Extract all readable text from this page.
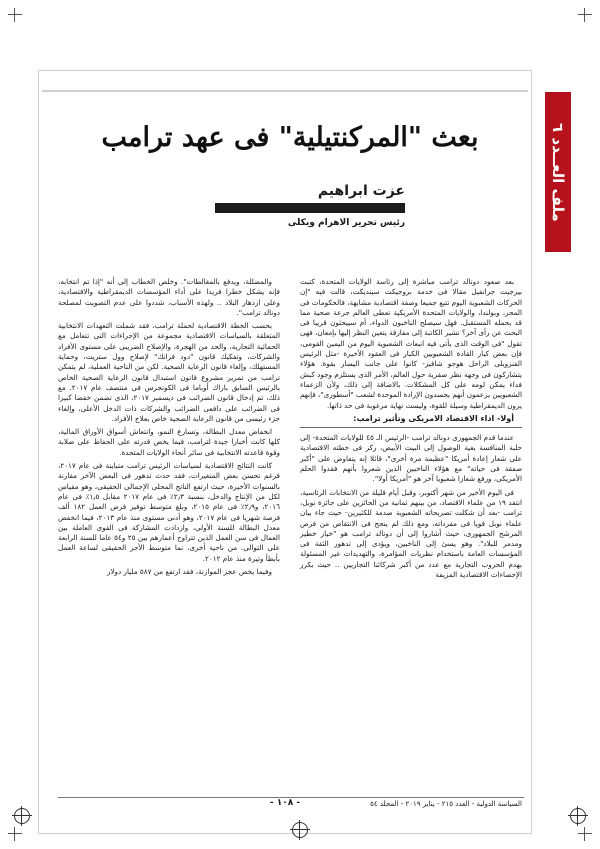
ملف العــدد ٦
بعث "المركنتيلية" فى عهد ترامب
عزت ابراهيم
رئيس تحرير الاهرام ويكلى

بعد صعود دونالد ترامب مباشرة إلى رئاسة الولايات المتحدة، كتبت بيرجيت جرانفيل مقالا فى خدمة بروجيكت سينديكت، قالت فيه "إن الحركات الشعبوية اليوم تتبع جميعا وصفة اقتصادية مشابهة، فالحكومات فى المجر، وبولندا، والولايات المتحدة الأمريكية تعطى العالم جرعة صحية مما قد يحمله المستقبل. فهل سيصلح الناخبون الدواء، أم سيبحثون قريبا فى البحث عن رأى آخر؟ تشير الكاتبة إلى مفارقة يتعين النظر إليها بإمعان، فهى تقول "فى الوقت الذى يأتى فيه انبعاث الشعبوية اليوم من اليمين القومى، فإن بعض كبار القادة الشعبويين الكبار فى العقود الأخيرة -مثل الرئيس الفنزويلى الراحل هوجو شافيز- كانوا على جانب اليسار بقوة. هؤلاء يتشاركون فى وجهة نظر صفرية حول العالم، الأمر الذى يستلزم وجود كبش فداء يمكن لومه على كل المشكلات. بالاضافة إلى ذلك، ولأن الزعماء الشعبويين يزعمون أنهم يجسدون الإرادة الموحدة لشعب "أسطورى"، فإنهم يرون الديمقراطية وسيلة للقوة، وليست نهاية مرغوبة فى حد ذاتها.

أولا- اداء الاقتصاد الامريكى وتأثير ترامب:

عندما قدم الجمهورى دونالد ترامب -الرئيس الـ ٤٥ للولايات المتحدة- إلى حلبة المنافسة بغية الوصول إلى البيت الأبيض، ركز فى خطته الاقتصادية على شعار إعادة أمريكا "عظيمة مرة أخرى"، قائلا إنه يتفاوض على "أكبر صفقة فى حياته" مع هؤلاء الناخبين الذين شعروا بأنهم فقدوا الحلم الأمريكى، ورفع شعارا شعبويا آخر هو "أمريكا أولا".

فى اليوم الأخير من شهر أكتوبر، وقبل أيام قليلة من الانتخابات الرئاسية، انتقد ١٩ من علماء الاقتصاد، من بينهم ثمانية من الحائزين على جائزة نوبل، ترامب -بعد أن شكلت تصريحاته الشعبوية صدمة للكثيرين- حيث جاء بيان علماء نوبل قويا فى مفرداته، ومع ذلك لم ينجح فى الانتقاص من فرص المرشح الجمهورى، حيث أشاروا إلى أن دونالد ترامب هو "خيار خطير ومدمر للبلاد". وهو يسئ إلى الناخبين، ويؤدى إلى تدهور الثقة فى المؤسسات العامة باستخدام نظريات المؤامرة، والتهديدات غير المسئولة بهدم الحروب التجارية مع عدد من أكبر شركائنا التجاريين .. حيث يكرر الإحصاءات الاقتصادية المزيفة

والمضللة، ويدفع بالمغالطات". وخلص الخطاب إلى أنه "إذا تم انتخابه، فإنه يشكل خطرا فريدا على أداء المؤسسات الديمقراطية والاقتصادية، وعلى ازدهار البلاد .. ولهذه الأسباب، شددوا على عدم التصويت لمصلحة دونالد ترامب".

بحسب الخطة الاقتصادية لحملة ترامب، فقد شملت التعهدات الانتخابية المتعلقة بالسياسات الاقتصادية مجموعة من الإجراءات التى تتعامل مع الحمائية التجارية، والحد من الهجرة، والإصلاح الضريبى على مستوى الأفراد والشركات، وتفكيك قانون "دود فرانك" لإصلاح وول ستريت، وحماية المستهلك، وإلغاء قانون الرعاية الصحية. لكن من الناحية العملية، لم يتمكن ترامب من تمرير مشروع قانون استبدال قانون الرعاية الصحية الخاص بالرئيس السابق باراك أوباما فى الكونجرس فى منتصف عام ٢٠١٧. مع ذلك، تم إدخال قانون الضرائب فى ديسمبر ٢٠١٧، الذى تضمن خفضا كبيرا فى الضرائب على دافعى الضرائب والشركات ذات الدخل الأعلى، وإلغاء جزء رئيسى من قانون الرعاية الصحية خاص بعلاج الأفراد.

انخفاض معدل البطالة، وتسارع النمو، وانتعاش أسواق الأوراق المالية، كلها كانت أخبارا جيدة لترامب، فيما يخص قدرته على الحفاظ على صلابة وقوة قاعدته الانتخابية فى سائر أنحاء الولايات المتحدة.

كانت النتائج الاقتصادية لسياسات الرئيس ترامب متباينة فى عام ٢٠١٧، فرغم تحسن بعض المتغيرات، فقد حدث تدهور فى البعض الآخر مقارنة بالسنوات الأخيرة، حيث ارتفع الناتج المحلى الإجمالى الحقيقى، وهو مقياس لكل من الإنتاج والدخل، بنسبة ٢٫٣٪ فى عام ٢٠١٧ مقابل ١٫٥٪ فى عام ٢٠١٦، و٢٫٩٪ فى عام ٢٠١٥، وبلغ متوسط توفير فرص العمل ١٨٢ ألف فرصة شهريا فى عام ٢٠١٧، وهو أدنى مستوى منذ عام ٢٠١٣، فيما انخفض معدل البطالة للسنة الأولى، وازدادت المشاركة فى القوى العاملة بين العمال فى سن العمل الذين تتراوح أعمارهم بين ٢٥ و٥٤ عاما للسنة الرابعة على التوالى. من ناحية أخرى، نما متوسط الأجر الحقيقى لساعة العمل بأبطأ وتيرة منذ عام ٢٠١٢.

وفيما يخص عجز الموازنة، فقد ارتفع من ٥٨٧ مليار دولار

السياسة الدولية - العدد ٢١٥ - يناير ٢٠١٩ - المجلد ٥٤
- ١٠٨ -
